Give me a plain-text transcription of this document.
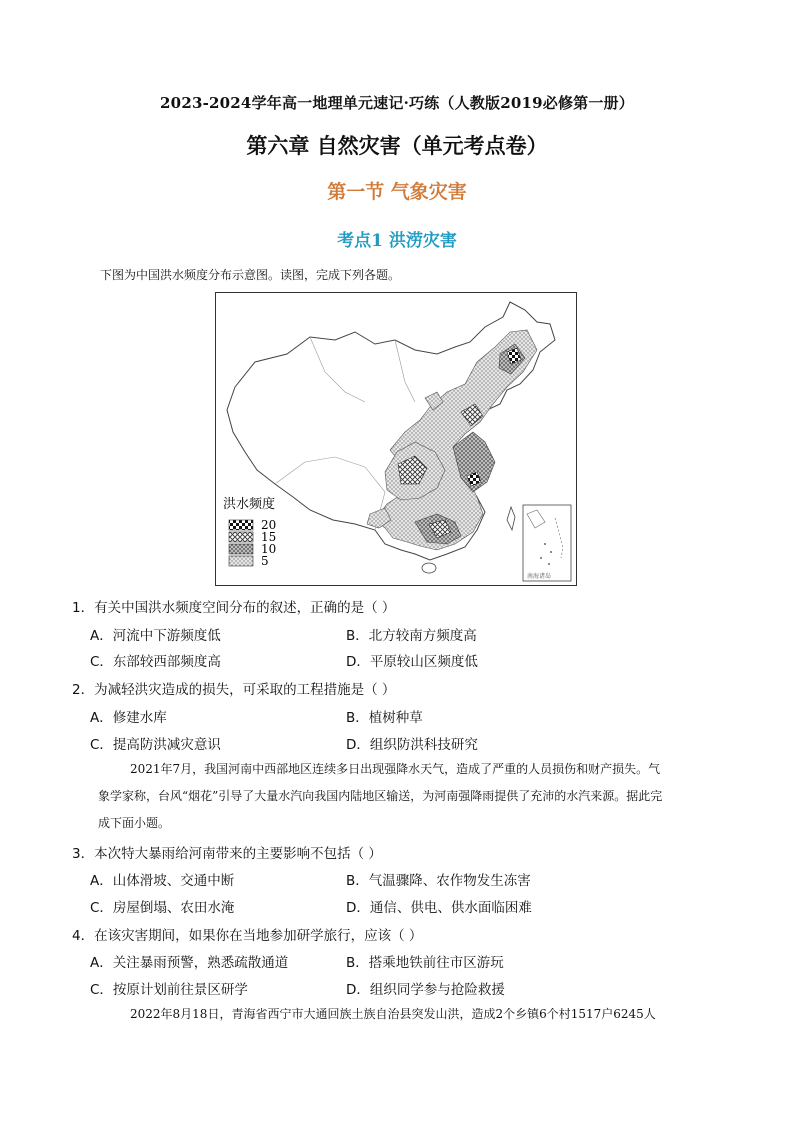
2023-2024学年高一地理单元速记·巧练（人教版2019必修第一册）
第六章 自然灾害（单元考点卷）
第一节 气象灾害
考点1 洪涝灾害
下图为中国洪水频度分布示意图。读图，完成下列各题。
洪水频度
20
15
10
5
南海诸岛
1．有关中国洪水频度空间分布的叙述，正确的是（ ）
A．河流中下游频度低	B．北方较南方频度高
C．东部较西部频度高	D．平原较山区频度低
2．为减轻洪灾造成的损失，可采取的工程措施是（ ）
A．修建水库	B．植树种草
C．提高防洪减灾意识	D．组织防洪科技研究
2021年7月，我国河南中西部地区连续多日出现强降水天气，造成了严重的人员损伤和财产损失。气
象学家称，台风“烟花”引导了大量水汽向我国内陆地区输送，为河南强降雨提供了充沛的水汽来源。据此完
成下面小题。
3．本次特大暴雨给河南带来的主要影响不包括（ ）
A．山体滑坡、交通中断	B．气温骤降、农作物发生冻害
C．房屋倒塌、农田水淹	D．通信、供电、供水面临困难
4．在该灾害期间，如果你在当地参加研学旅行，应该（ ）
A．关注暴雨预警，熟悉疏散通道	B．搭乘地铁前往市区游玩
C．按原计划前往景区研学	D．组织同学参与抢险救援
2022年8月18日，青海省西宁市大通回族土族自治县突发山洪，造成2个乡镇6个村1517户6245人
